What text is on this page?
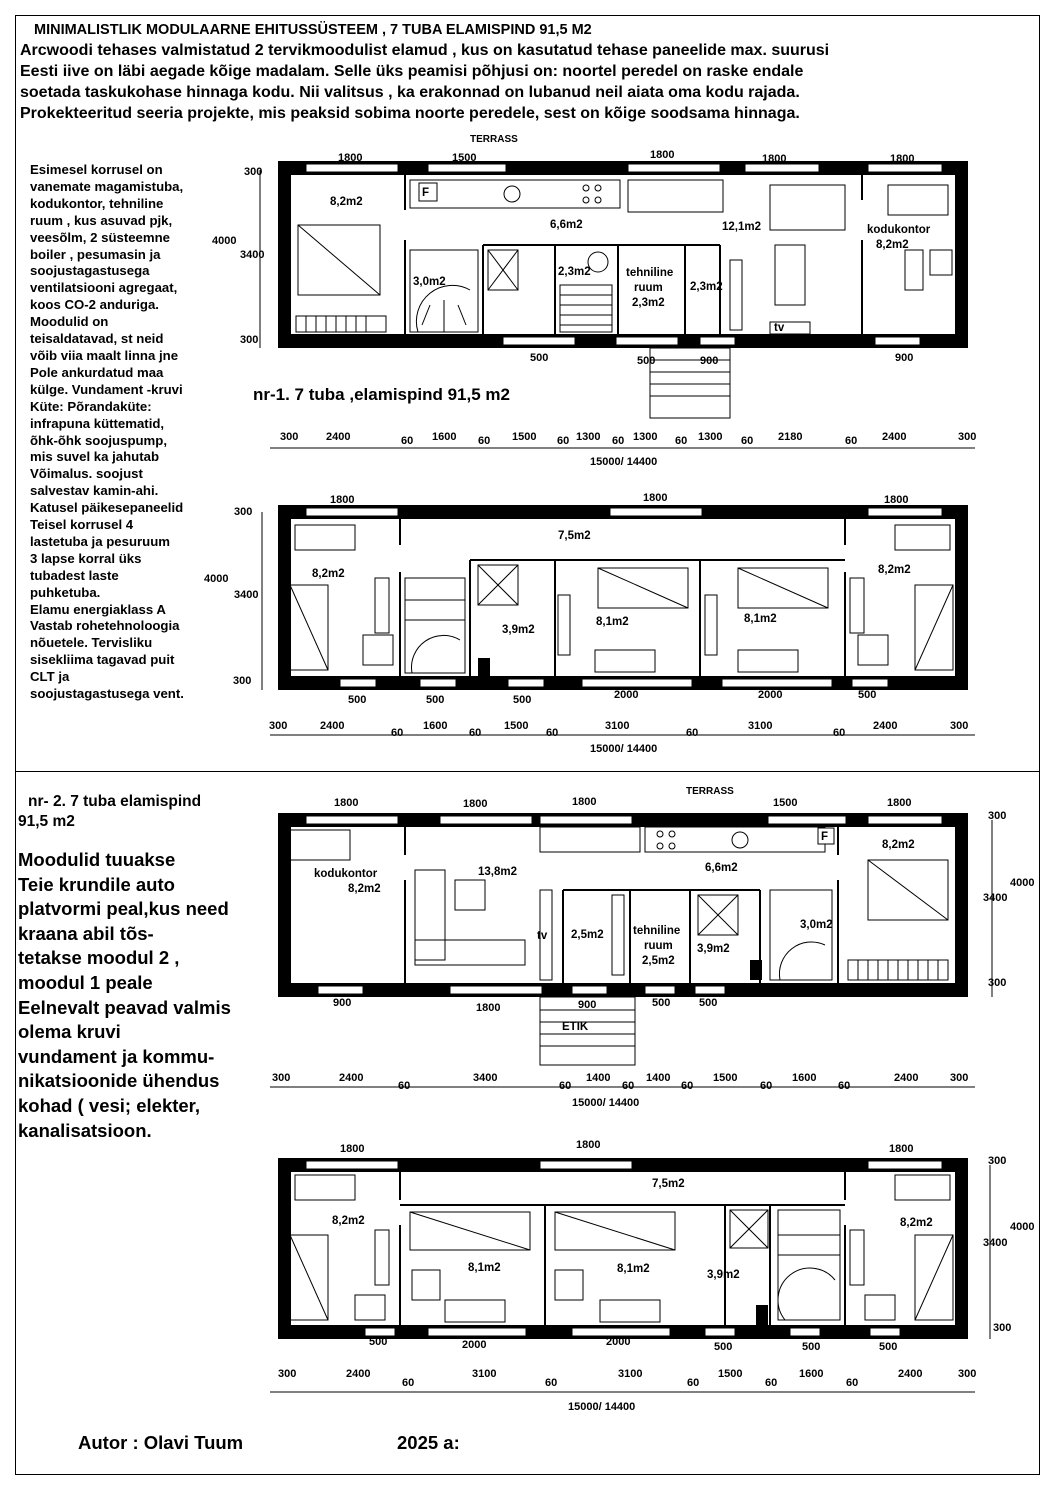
MINIMALISTLIK MODULAARNE EHITUSSÜSTEEM , 7 TUBA ELAMISPIND 91,5 M2
Arcwoodi tehases valmistatud 2 tervikmoodulist elamud , kus on kasutatud tehase paneelide max. suurusi
Eesti iive on läbi aegade kõige madalam. Selle üks peamisi põhjusi on: noortel peredel on raske endale
soetada taskukohase hinnaga kodu. Nii valitsus , ka erakonnad on lubanud neil aiata oma kodu rajada.
Prokekteeritud seeria projekte, mis peaksid sobima noorte peredele, sest on kõige soodsama hinnaga.
Esimesel korrusel on
vanemate magamistuba,
kodukontor, tehniline
ruum , kus asuvad pjk,
veesõlm, 2 süsteemne
boiler , pesumasin ja
soojustagastusega
ventilatsiooni agregaat,
koos CO-2 anduriga.
Moodulid on
teisaldatavad, st neid
võib viia maalt linna jne
Pole ankurdatud maa
külge. Vundament -kruvi
Küte: Põrandaküte:
infrapuna küttematid,
õhk-õhk soojuspump,
mis suvel ka jahutab
Võimalus. soojust
salvestav kamin-ahi.
Katusel päikesepaneelid
Teisel korrusel 4
lastetuba ja pesuruum
3 lapse korral üks
tubadest laste
puhketuba.
Elamu energiaklass A
Vastab rohetehnoloogia
nõuetele. Tervisliku
sisekliima tagavad puit
CLT ja
soojustagastusega vent.
nr- 2. 7 tuba elamispind
91,5 m2
Moodulid tuuakse
Teie krundile auto
platvormi peal,kus need
kraana abil tõs-
tetakse moodul 2 ,
moodul 1 peale
Eelnevalt peavad valmis
olema kruvi
vundament ja kommu-
nikatsioonide ühendus
kohad ( vesi; elekter,
kanalisatsioon.
Autor : Olavi Tuum	2025 a:
F
TERRASS
1800	1500	1800	1800	1800
500	500	900	900
8,2m2
3,0m2
6,6m2
2,3m2	tehniline
ruum
2,3m2
2,3m2
12,1m2	kodukontor
8,2m2
tv
300
4000
3400
300
nr-1. 7 tuba ,elamispind 91,5 m2
300	2400	60 1600 60 1500 60 1300 60 1300 60 1300 60 2180	60 2400	300
15000/ 14400
1800	1800	1800
500	500	500	2000	2000	500
8,2m2
7,5m2
3,9m2
8,1m2	8,1m2
8,2m2
300
4000
3400
300
300	2400
60
1600
60
1500
60
3100
60
3100
60
2400	300
15000/ 14400
F
TERRASS
1800	1800	1800	1500	1800
900	1800	900	500	500
kodukontor
8,2m2
13,8m2
tv 2,5m2	tehniline
ruum
2,5m2
6,6m2
3,9m2
3,0m2
8,2m2
ETIK
300
4000
3400
300
300	2400
60
3400
60
1400
60
1400
60
1500
60
1600
60
2400	300
15000/ 14400
1800	1800	1800
500	2000	2000	500	500	500
8,2m2
7,5m2
8,1m2	8,1m2	3,9m2
8,2m2
300
4000
3400
300
300	2400
60
3100
60
3100
60
1500
60
1600
60
2400	300
15000/ 14400
